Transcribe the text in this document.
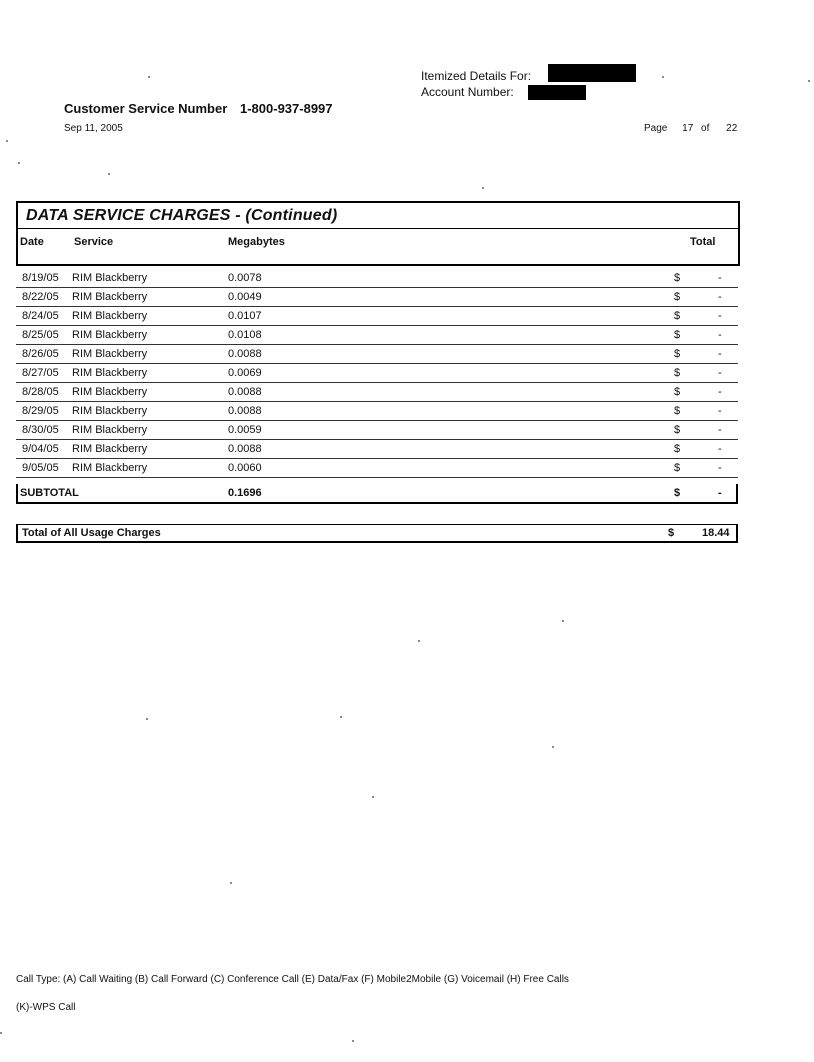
Itemized Details For:
Account Number:
Customer Service Number 1-800-937-8997
Sep 11, 2005	Page 17 of 22
DATA SERVICE CHARGES - (Continued)
Date	Service	Megabytes	Total
8/19/05 RIM Blackberry	0.0078	$	-
8/22/05 RIM Blackberry	0.0049	$	-
8/24/05 RIM Blackberry	0.0107	$	-
8/25/05 RIM Blackberry	0.0108	$	-
8/26/05 RIM Blackberry	0.0088	$	-
8/27/05 RIM Blackberry	0.0069	$	-
8/28/05 RIM Blackberry	0.0088	$	-
8/29/05 RIM Blackberry	0.0088	$	-
8/30/05 RIM Blackberry	0.0059	$	-
9/04/05 RIM Blackberry	0.0088	$	-
9/05/05 RIM Blackberry	0.0060	$	-
SUBTOTAL	0.1696	$	-
Total of All Usage Charges	$	18.44
Call Type: (A) Call Waiting (B) Call Forward (C) Conference Call (E) Data/Fax (F) Mobile2Mobile (G) Voicemail (H) Free Calls
(K)-WPS Call
